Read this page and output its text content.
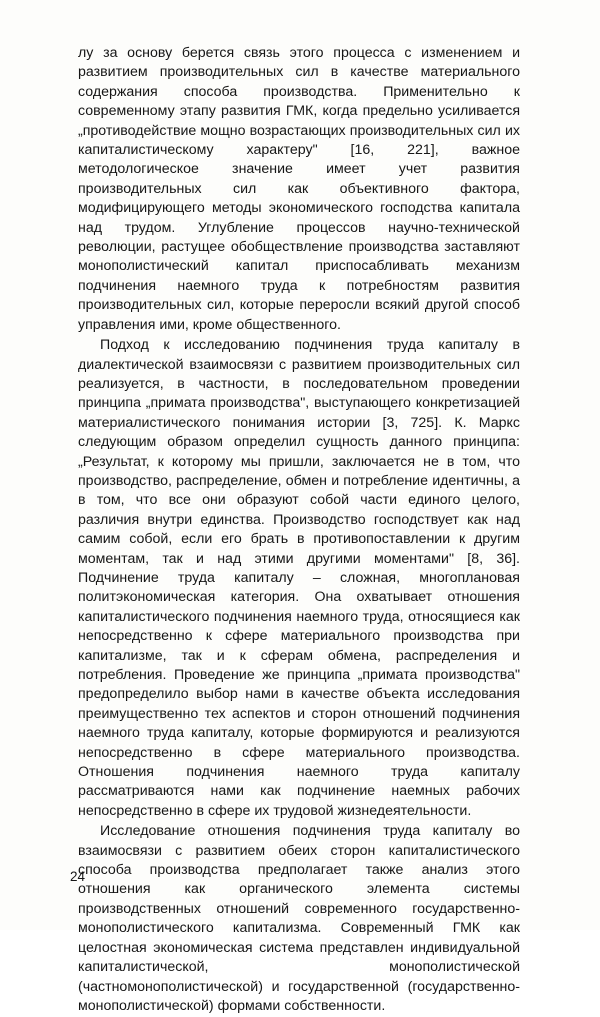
лу за основу берется связь этого процесса с изменением и развитием производительных сил в качестве материального содержания способа производства. Применительно к современному этапу развития ГМК, когда предельно усиливается „противодействие мощно возрастающих производительных сил их капиталистическому характеру" [16, 221], важное методологическое значение имеет учет развития производительных сил как объективного фактора, модифицирующего методы экономического господства капитала над трудом. Углубление процессов научно-технической революции, растущее обобществление производства заставляют монополистический капитал приспосабливать механизм подчинения наемного труда к потребностям развития производительных сил, которые переросли всякий другой способ управления ими, кроме общественного.

Подход к исследованию подчинения труда капиталу в диалектической взаимосвязи с развитием производительных сил реализуется, в частности, в последовательном проведении принципа „примата производства", выступающего конкретизацией материалистического понимания истории [3, 725]. К. Маркс следующим образом определил сущность данного принципа: „Результат, к которому мы пришли, заключается не в том, что производство, распределение, обмен и потребление идентичны, а в том, что все они образуют собой части единого целого, различия внутри единства. Производство господствует как над самим собой, если его брать в противопоставлении к другим моментам, так и над этими другими моментами" [8, 36]. Подчинение труда капиталу – сложная, многоплановая политэкономическая категория. Она охватывает отношения капиталистического подчинения наемного труда, относящиеся как непосредственно к сфере материального производства при капитализме, так и к сферам обмена, распределения и потребления. Проведение же принципа „примата производства" предопределило выбор нами в качестве объекта исследования преимущественно тех аспектов и сторон отношений подчинения наемного труда капиталу, которые формируются и реализуются непосредственно в сфере материального производства. Отношения подчинения наемного труда капиталу рассматриваются нами как подчинение наемных рабочих непосредственно в сфере их трудовой жизнедеятельности.

Исследование отношения подчинения труда капиталу во взаимосвязи с развитием обеих сторон капиталистического способа производства предполагает также анализ этого отношения как органического элемента системы производственных отношений современного государственно-монополистического капитализма. Современный ГМК как целостная экономическая система представлен индивидуальной капиталистической, монополистической (частномонополистической) и государственной (государственно-монополистической) формами собственности.

24
